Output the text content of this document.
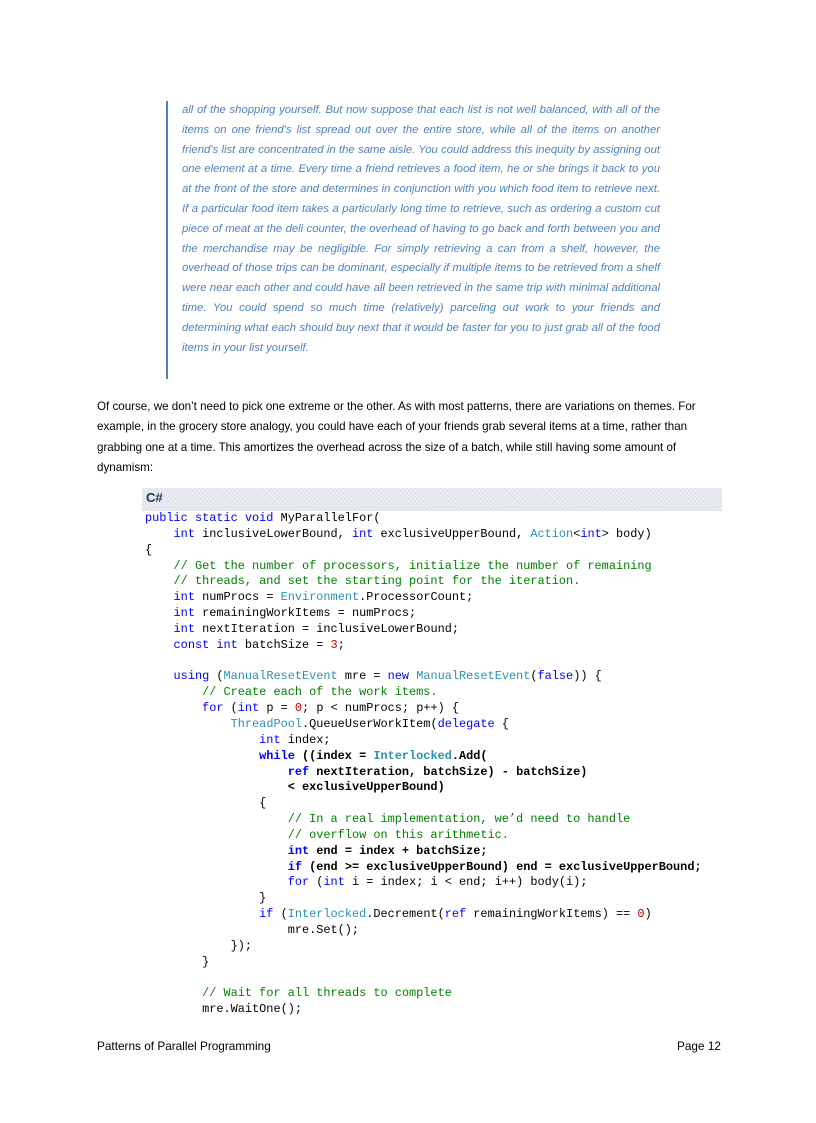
all of the shopping yourself. But now suppose that each list is not well balanced, with all of the items on one friend’s list spread out over the entire store, while all of the items on another friend’s list are concentrated in the same aisle. You could address this inequity by assigning out one element at a time. Every time a friend retrieves a food item, he or she brings it back to you at the front of the store and determines in conjunction with you which food item to retrieve next. If a particular food item takes a particularly long time to retrieve, such as ordering a custom cut piece of meat at the deli counter, the overhead of having to go back and forth between you and the merchandise may be negligible. For simply retrieving a can from a shelf, however, the overhead of those trips can be dominant, especially if multiple items to be retrieved from a shelf were near each other and could have all been retrieved in the same trip with minimal additional time. You could spend so much time (relatively) parceling out work to your friends and determining what each should buy next that it would be faster for you to just grab all of the food items in your list yourself.

Of course, we don’t need to pick one extreme or the other. As with most patterns, there are variations on themes. For example, in the grocery store analogy, you could have each of your friends grab several items at a time, rather than grabbing one at a time. This amortizes the overhead across the size of a batch, while still having some amount of dynamism:

C#
public static void MyParallelFor(
int inclusiveLowerBound, int exclusiveUpperBound, Action<int> body)
{
// Get the number of processors, initialize the number of remaining
// threads, and set the starting point for the iteration.
int numProcs = Environment.ProcessorCount;
int remainingWorkItems = numProcs;
int nextIteration = inclusiveLowerBound;
const int batchSize = 3;

using (ManualResetEvent mre = new ManualResetEvent(false)) {
// Create each of the work items.
for (int p = 0; p < numProcs; p++) {
ThreadPool.QueueUserWorkItem(delegate {
int index;
while ((index = Interlocked.Add(
ref nextIteration, batchSize) - batchSize)
< exclusiveUpperBound)
{
// In a real implementation, we’d need to handle
// overflow on this arithmetic.
int end = index + batchSize;
if (end >= exclusiveUpperBound) end = exclusiveUpperBound;
for (int i = index; i < end; i++) body(i);
}
if (Interlocked.Decrement(ref remainingWorkItems) == 0)
mre.Set();
});
}

// Wait for all threads to complete
mre.WaitOne();
Patterns of Parallel Programming	Page 12
